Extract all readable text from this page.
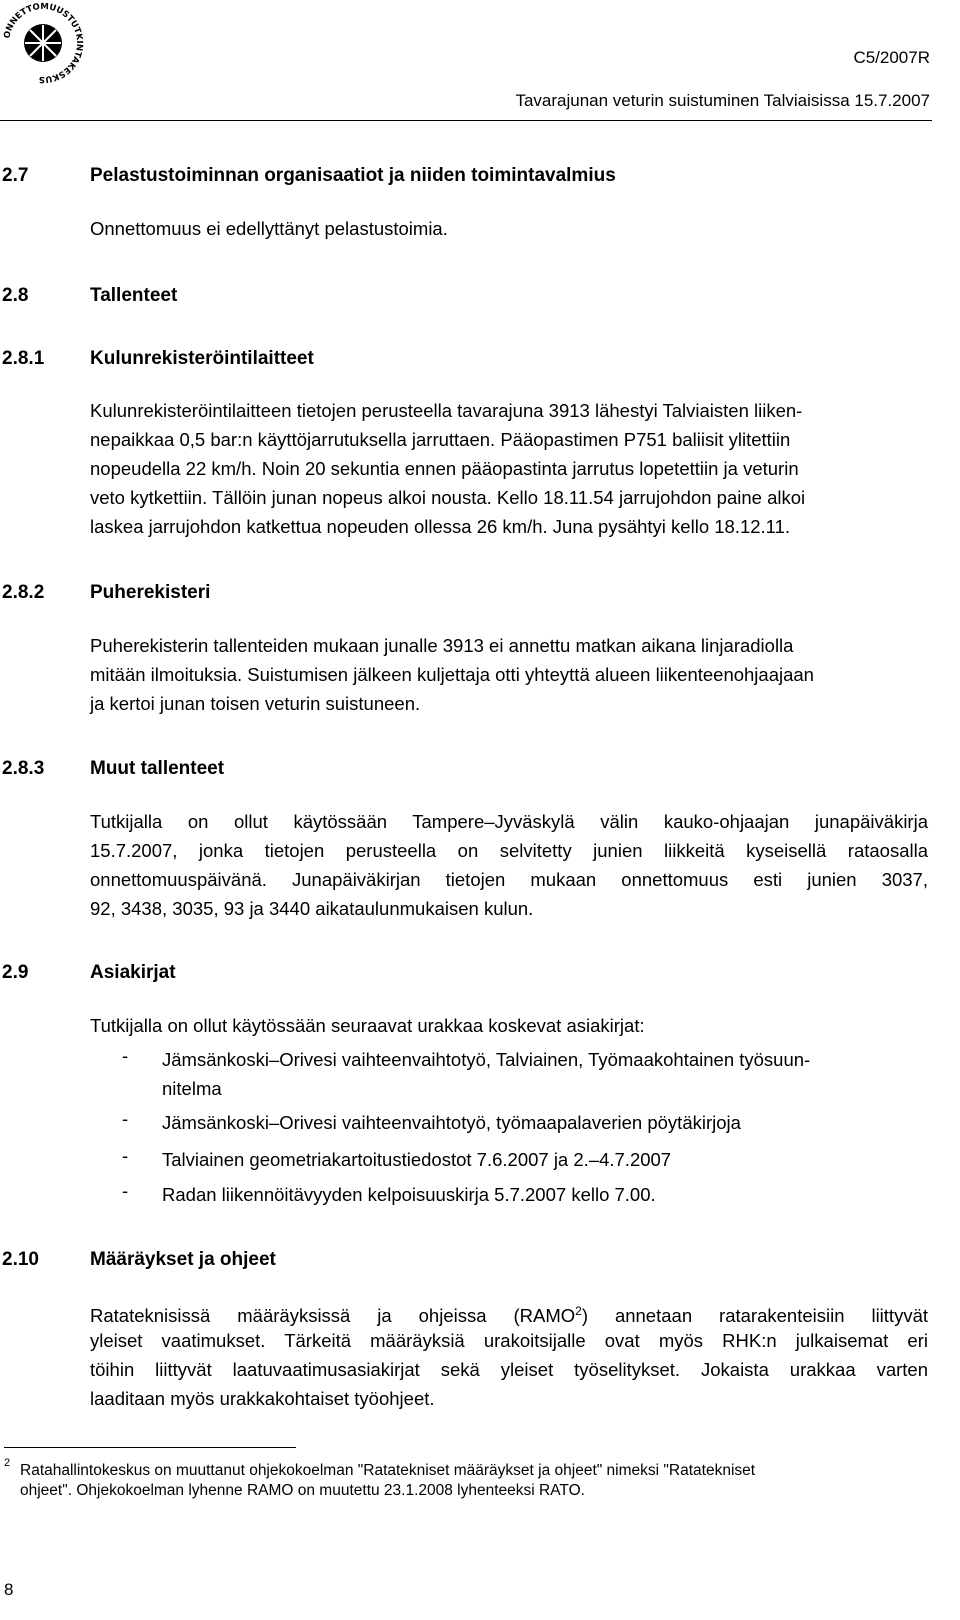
ONNETTOMUUSTUTKINTAKESKUS
C5/2007R
Tavarajunan veturin suistuminen Talviaisissa 15.7.2007
2.7	Pelastustoiminnan organisaatiot ja niiden toimintavalmius
Onnettomuus ei edellyttänyt pelastustoimia.
2.8	Tallenteet
2.8.1 Kulunrekisteröintilaitteet
Kulunrekisteröintilaitteen tietojen perusteella tavarajuna 3913 lähestyi Talviaisten liiken-
nepaikkaa 0,5 bar:n käyttöjarrutuksella jarruttaen. Pääopastimen P751 baliisit ylitettiin
nopeudella 22 km/h. Noin 20 sekuntia ennen pääopastinta jarrutus lopetettiin ja veturin
veto kytkettiin. Tällöin junan nopeus alkoi nousta. Kello 18.11.54 jarrujohdon paine alkoi
laskea jarrujohdon katkettua nopeuden ollessa 26 km/h. Juna pysähtyi kello 18.12.11.
2.8.2 Puherekisteri
Puherekisterin tallenteiden mukaan junalle 3913 ei annettu matkan aikana linjaradiolla
mitään ilmoituksia. Suistumisen jälkeen kuljettaja otti yhteyttä alueen liikenteenohjaajaan
ja kertoi junan toisen veturin suistuneen.
2.8.3 Muut tallenteet
Tutkijalla on ollut käytössään Tampere–Jyväskylä välin kauko-ohjaajan junapäiväkirja
15.7.2007, jonka tietojen perusteella on selvitetty junien liikkeitä kyseisellä rataosalla
onnettomuuspäivänä. Junapäiväkirjan tietojen mukaan onnettomuus esti junien 3037,
92, 3438, 3035, 93 ja 3440 aikataulunmukaisen kulun.
2.9	Asiakirjat
Tutkijalla on ollut käytössään seuraavat urakkaa koskevat asiakirjat:
- Jämsänkoski–Orivesi vaihteenvaihtotyö, Talviainen, Työmaakohtainen työsuun-
nitelma
- Jämsänkoski–Orivesi vaihteenvaihtotyö, työmaapalaverien pöytäkirjoja
- Talviainen geometriakartoitustiedostot 7.6.2007 ja 2.–4.7.2007
- Radan liikennöitävyyden kelpoisuuskirja 5.7.2007 kello 7.00.
2.10	Määräykset ja ohjeet
Ratateknisissä määräyksissä ja ohjeissa (RAMO$^2$) annetaan ratarakenteisiin liittyvät
yleiset vaatimukset. Tärkeitä määräyksiä urakoitsijalle ovat myös RHK:n julkaisemat eri
töihin liittyvät laatuvaatimusasiakirjat sekä yleiset työselitykset. Jokaista urakkaa varten
laaditaan myös urakkakohtaiset työohjeet.
2 Ratahallintokeskus on muuttanut ohjekokoelman "Ratatekniset määräykset ja ohjeet" nimeksi "Ratatekniset
ohjeet". Ohjekokoelman lyhenne RAMO on muutettu 23.1.2008 lyhenteeksi RATO.
8
